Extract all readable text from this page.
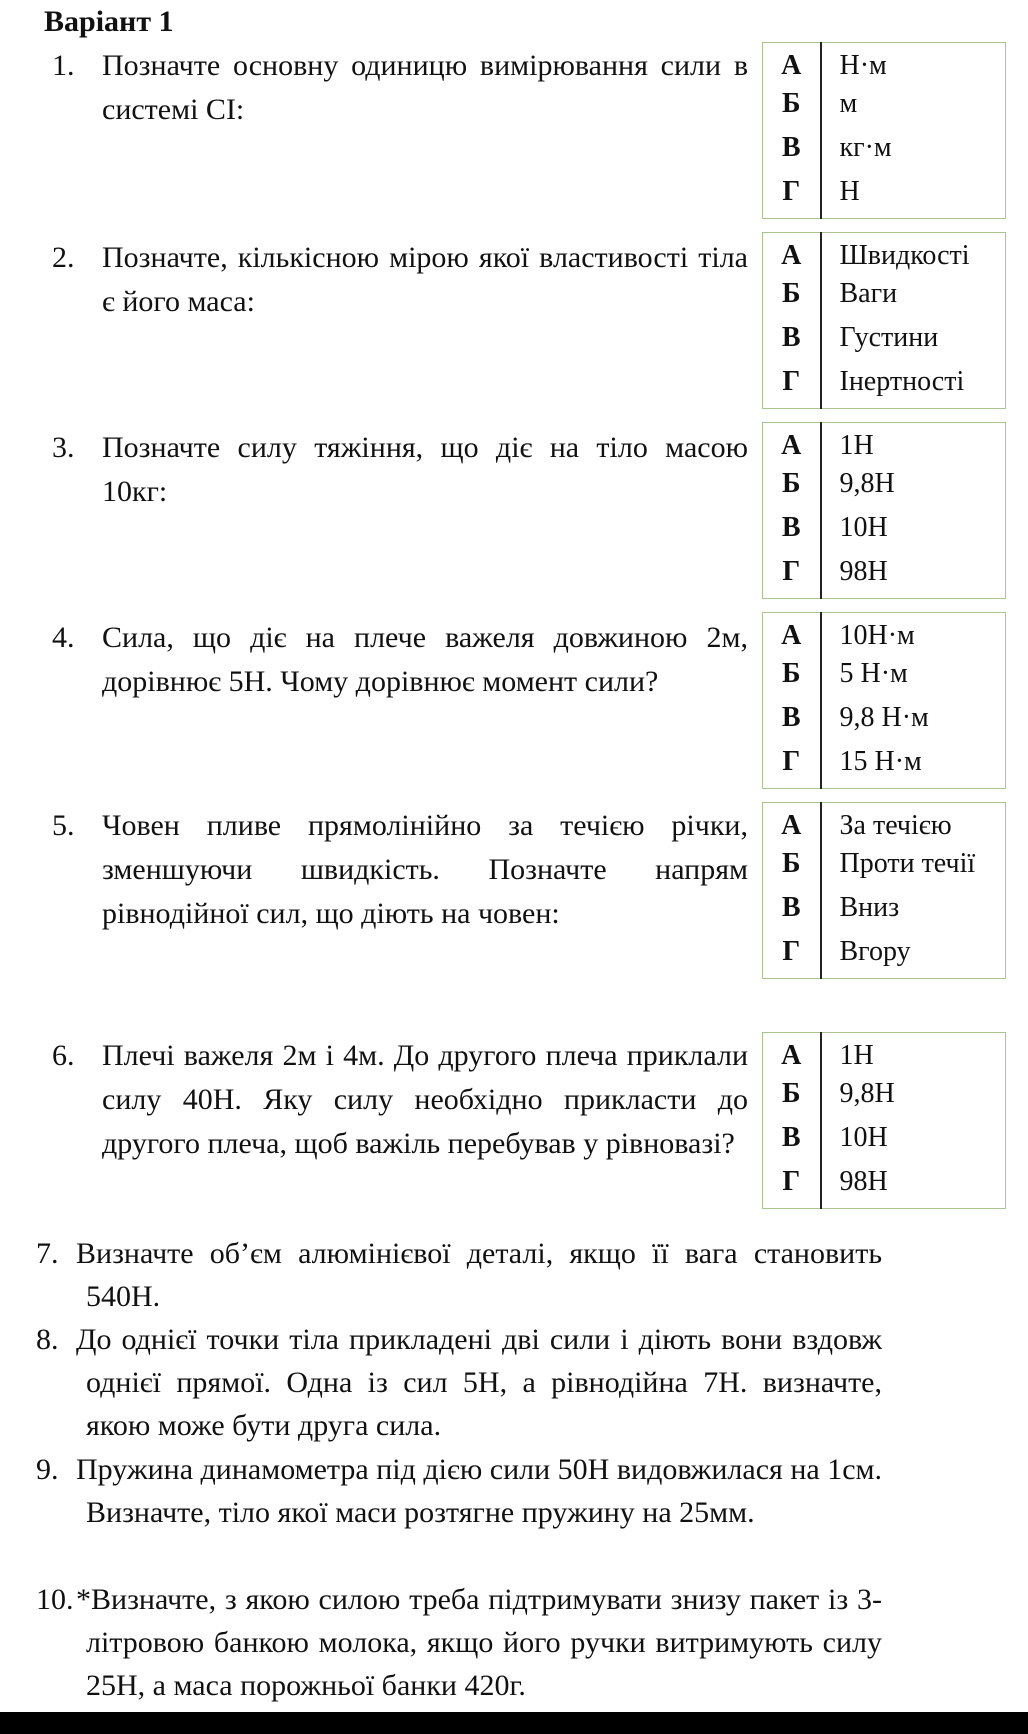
Варіант 1
1. Позначте основну одиницю вимірювання сили в системі СІ:
А	Н·м
Б	м
В	кг·м
Г	Н
2. Позначте, кількісною мірою якої властивості тіла є його маса:
А	Швидкості
Б	Ваги
В	Густини
Г	Інертності
3. Позначте силу тяжіння, що діє на тіло масою 10кг:
А	1Н
Б	9,8Н
В	10Н
Г	98Н
4. Сила, що діє на плече важеля довжиною 2м, дорівнює 5Н. Чому дорівнює момент сили?
А	10Н·м
Б	5 Н·м
В	9,8 Н·м
Г	15 Н·м
5. Човен пливе прямолінійно за течією річки, зменшуючи швидкість. Позначте напрям рівнодійної сил, що діють на човен:
А	За течією
Б	Проти течії
В	Вниз
Г	Вгору
6. Плечі важеля 2м і 4м. До другого плеча приклали силу 40Н. Яку силу необхідно прикласти до другого плеча, щоб важіль перебував у рівновазі?
А	1Н
Б	9,8Н
В	10Н
Г	98Н
7. Визначте об’єм алюмінієвої деталі, якщо її вага становить 540Н.
8. До однієї точки тіла прикладені дві сили і діють вони вздовж однієї прямої. Одна із сил 5Н, а рівнодійна 7Н. визначте, якою може бути друга сила.
9. Пружина динамометра під дією сили 50Н видовжилася на 1см. Визначте, тіло якої маси розтягне пружину на 25мм.
10.*Визначте, з якою силою треба підтримувати знизу пакет із 3-літровою банкою молока, якщо його ручки витримують силу 25Н, а маса порожньої банки 420г.
